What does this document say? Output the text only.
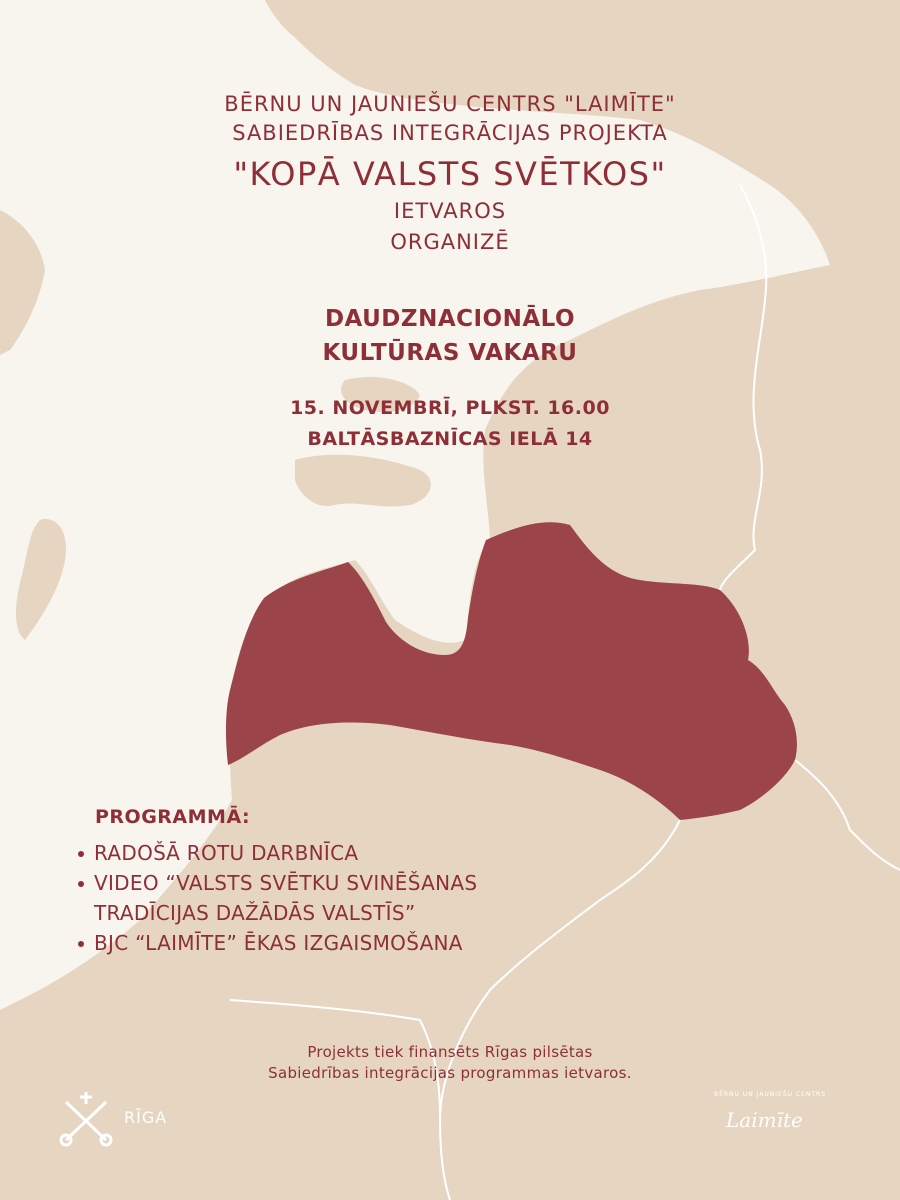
BĒRNU UN JAUNIEŠU CENTRS "LAIMĪTE"
SABIEDRĪBAS INTEGRĀCIJAS PROJEKTA
"KOPĀ VALSTS SVĒTKOS"
IETVAROS
ORGANIZĒ
DAUDZNACIONĀLO
KULTŪRAS VAKARU
15. NOVEMBRĪ, PLKST. 16.00
BALTĀSBAZNĪCAS IELĀ 14
PROGRAMMĀ:
RADOŠĀ ROTU DARBNĪCA
VIDEO “VALSTS SVĒTKU SVINĒŠANAS
TRADĪCIJAS DAŽĀDĀS VALSTĪS”
BJC “LAIMĪTE” ĒKAS IZGAISMOŠANA
Projekts tiek finansēts Rīgas pilsētas
Sabiedrības integrācijas programmas ietvaros.
RĪGA
BĒRNU UN JAUNIEŠU CENTRS
Laimīte
